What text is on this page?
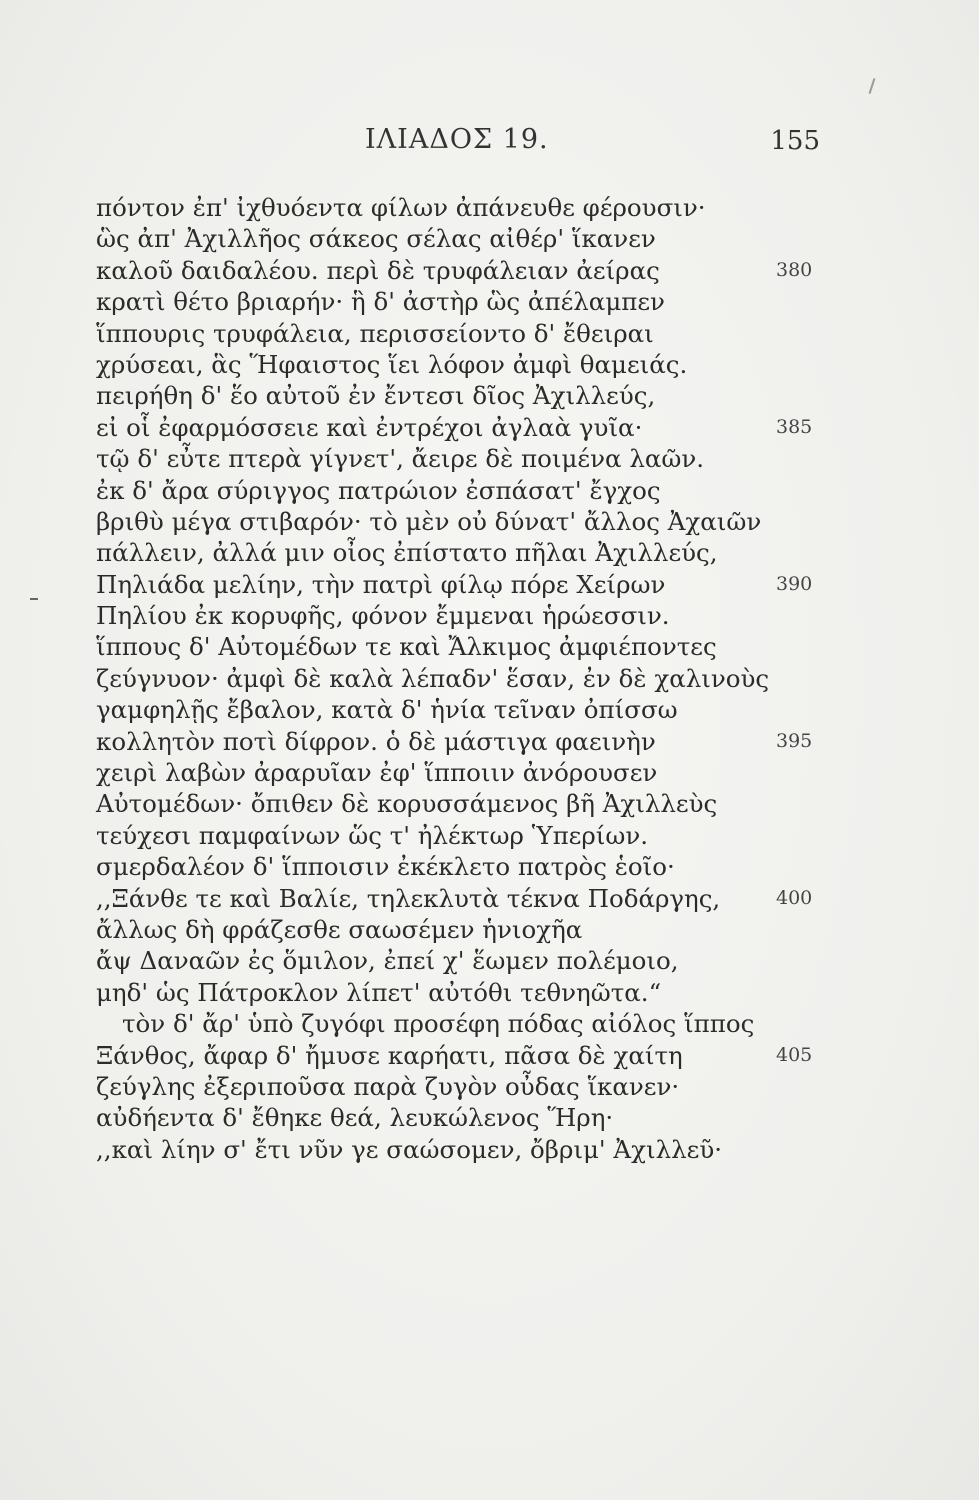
ΙΛΙΑΔΟΣ 19.	155
πόντον ἐπ' ἰχθυόεντα φίλων ἀπάνευθε φέρουσιν·
ὣς ἀπ' Ἀχιλλῆος σάκεος σέλας αἰθέρ' ἵκανεν
καλοῦ δαιδαλέου. περὶ δὲ τρυφάλειαν ἀείρας	380
κρατὶ θέτο βριαρήν· ἣ δ' ἀστὴρ ὣς ἀπέλαμπεν
ἵππουρις τρυφάλεια, περισσείοντο δ' ἔθειραι
χρύσεαι, ἃς Ἥφαιστος ἵει λόφον ἀμφὶ θαμειάς.
πειρήθη δ' ἕο αὐτοῦ ἐν ἔντεσι δῖος Ἀχιλλεύς,
εἰ οἷ ἐφαρμόσσειε καὶ ἐντρέχοι ἀγλαὰ γυῖα·	385
τῷ δ' εὖτε πτερὰ γίγνετ', ἄειρε δὲ ποιμένα λαῶν.
ἐκ δ' ἄρα σύριγγος πατρώιον ἐσπάσατ' ἔγχος
βριθὺ μέγα στιβαρόν· τὸ μὲν οὐ δύνατ' ἄλλος Ἀχαιῶν
πάλλειν, ἀλλά μιν οἶος ἐπίστατο πῆλαι Ἀχιλλεύς,
Πηλιάδα μελίην, τὴν πατρὶ φίλῳ πόρε Χείρων	390
Πηλίου ἐκ κορυφῆς, φόνον ἔμμεναι ἡρώεσσιν.
ἵππους δ' Αὐτομέδων τε καὶ Ἄλκιμος ἀμφιέποντες
ζεύγνυον· ἀμφὶ δὲ καλὰ λέπαδν' ἕσαν, ἐν δὲ χαλινοὺς
γαμφηλῇς ἔβαλον, κατὰ δ' ἡνία τεῖναν ὀπίσσω
κολλητὸν ποτὶ δίφρον. ὁ δὲ μάστιγα φαεινὴν	395
χειρὶ λαβὼν ἀραρυῖαν ἐφ' ἵπποιιν ἀνόρουσεν
Αὐτομέδων· ὄπιθεν δὲ κορυσσάμενος βῆ Ἀχιλλεὺς
τεύχεσι παμφαίνων ὥς τ' ἠλέκτωρ Ὑπερίων.
σμερδαλέον δ' ἵπποισιν ἐκέκλετο πατρὸς ἑοῖο·
,,Ξάνθε τε καὶ Βαλίε, τηλεκλυτὰ τέκνα Ποδάργης,	400
ἄλλως δὴ φράζεσθε σαωσέμεν ἡνιοχῆα
ἄψ Δαναῶν ἐς ὅμιλον, ἐπεί χ' ἕωμεν πολέμοιο,
μηδ' ὡς Πάτροκλον λίπετ' αὐτόθι τεθνηῶτα.“
τὸν δ' ἄρ' ὑπὸ ζυγόφι προσέφη πόδας αἰόλος ἵππος
Ξάνθος, ἄφαρ δ' ἤμυσε καρήατι, πᾶσα δὲ χαίτη	405
ζεύγλης ἐξεριποῦσα παρὰ ζυγὸν οὖδας ἵκανεν·
αὐδήεντα δ' ἔθηκε θεά, λευκώλενος Ἥρη·
,,καὶ λίην σ' ἔτι νῦν γε σαώσομεν, ὄβριμ' Ἀχιλλεῦ·
